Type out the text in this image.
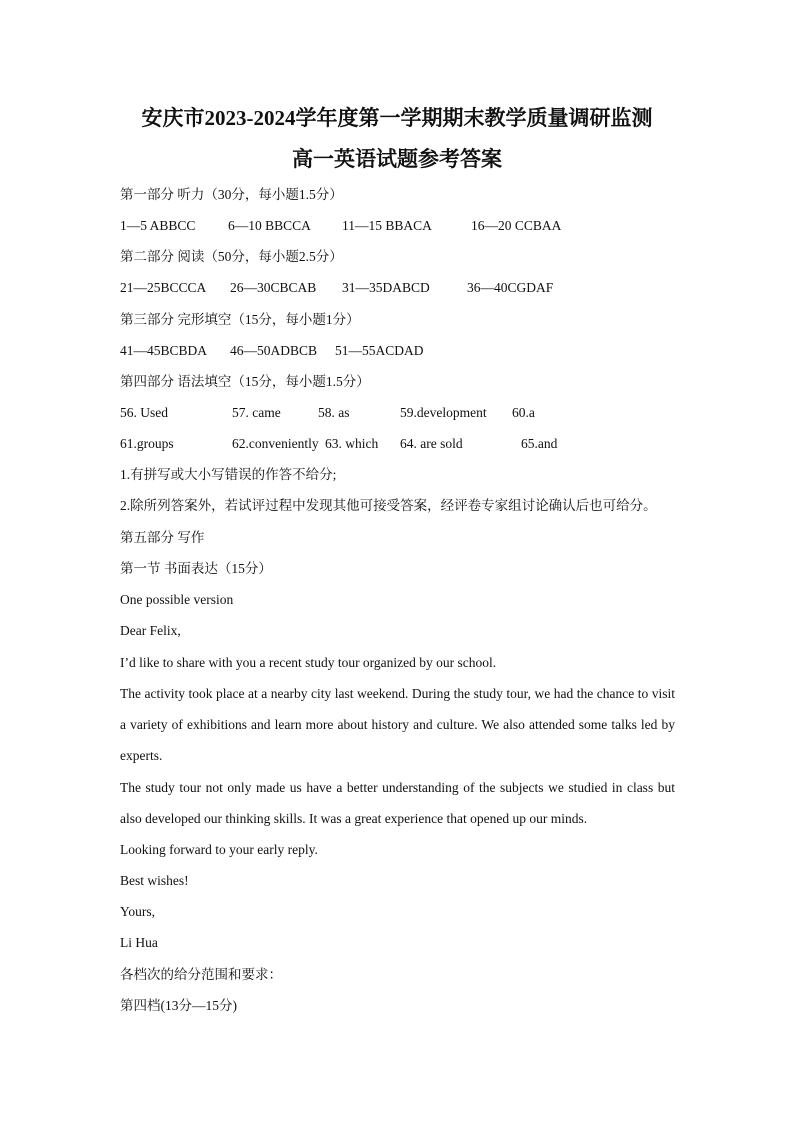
安庆市2023-2024学年度第一学期期末教学质量调研监测
高一英语试题参考答案
第一部分 听力（30分，每小题1.5分）
1—5 ABBCC 6—10 BBCCA 11—15 BBACA	16—20 CCBAA
第二部分 阅读（50分，每小题2.5分）
21—25BCCCA 26—30CBCAB 31—35DABCD	36—40CGDAF
第三部分 完形填空（15分，每小题1分）
41—45BCBDA 46—50ADBCB 51—55ACDAD
第四部分 语法填空（15分，每小题1.5分）
56. Used	57. came	58. as	59.development 60.a
61.groups	62.conveniently 63. which 64. are sold	65.and
1.有拼写或大小写错误的作答不给分;
2.除所列答案外，若试评过程中发现其他可接受答案，经评卷专家组讨论确认后也可给分。
第五部分 写作
第一节 书面表达（15分）
One possible version
Dear Felix,
I’d like to share with you a recent study tour organized by our school.
The activity took place at a nearby city last weekend. During the study tour, we had the chance to visit a variety of exhibitions and learn more about history and culture. We also attended some talks led by experts.
The study tour not only made us have a better understanding of the subjects we studied in class but also developed our thinking skills. It was a great experience that opened up our minds.
Looking forward to your early reply.
Best wishes!
Yours,
Li Hua
各档次的给分范围和要求：
第四档(13分—15分)
